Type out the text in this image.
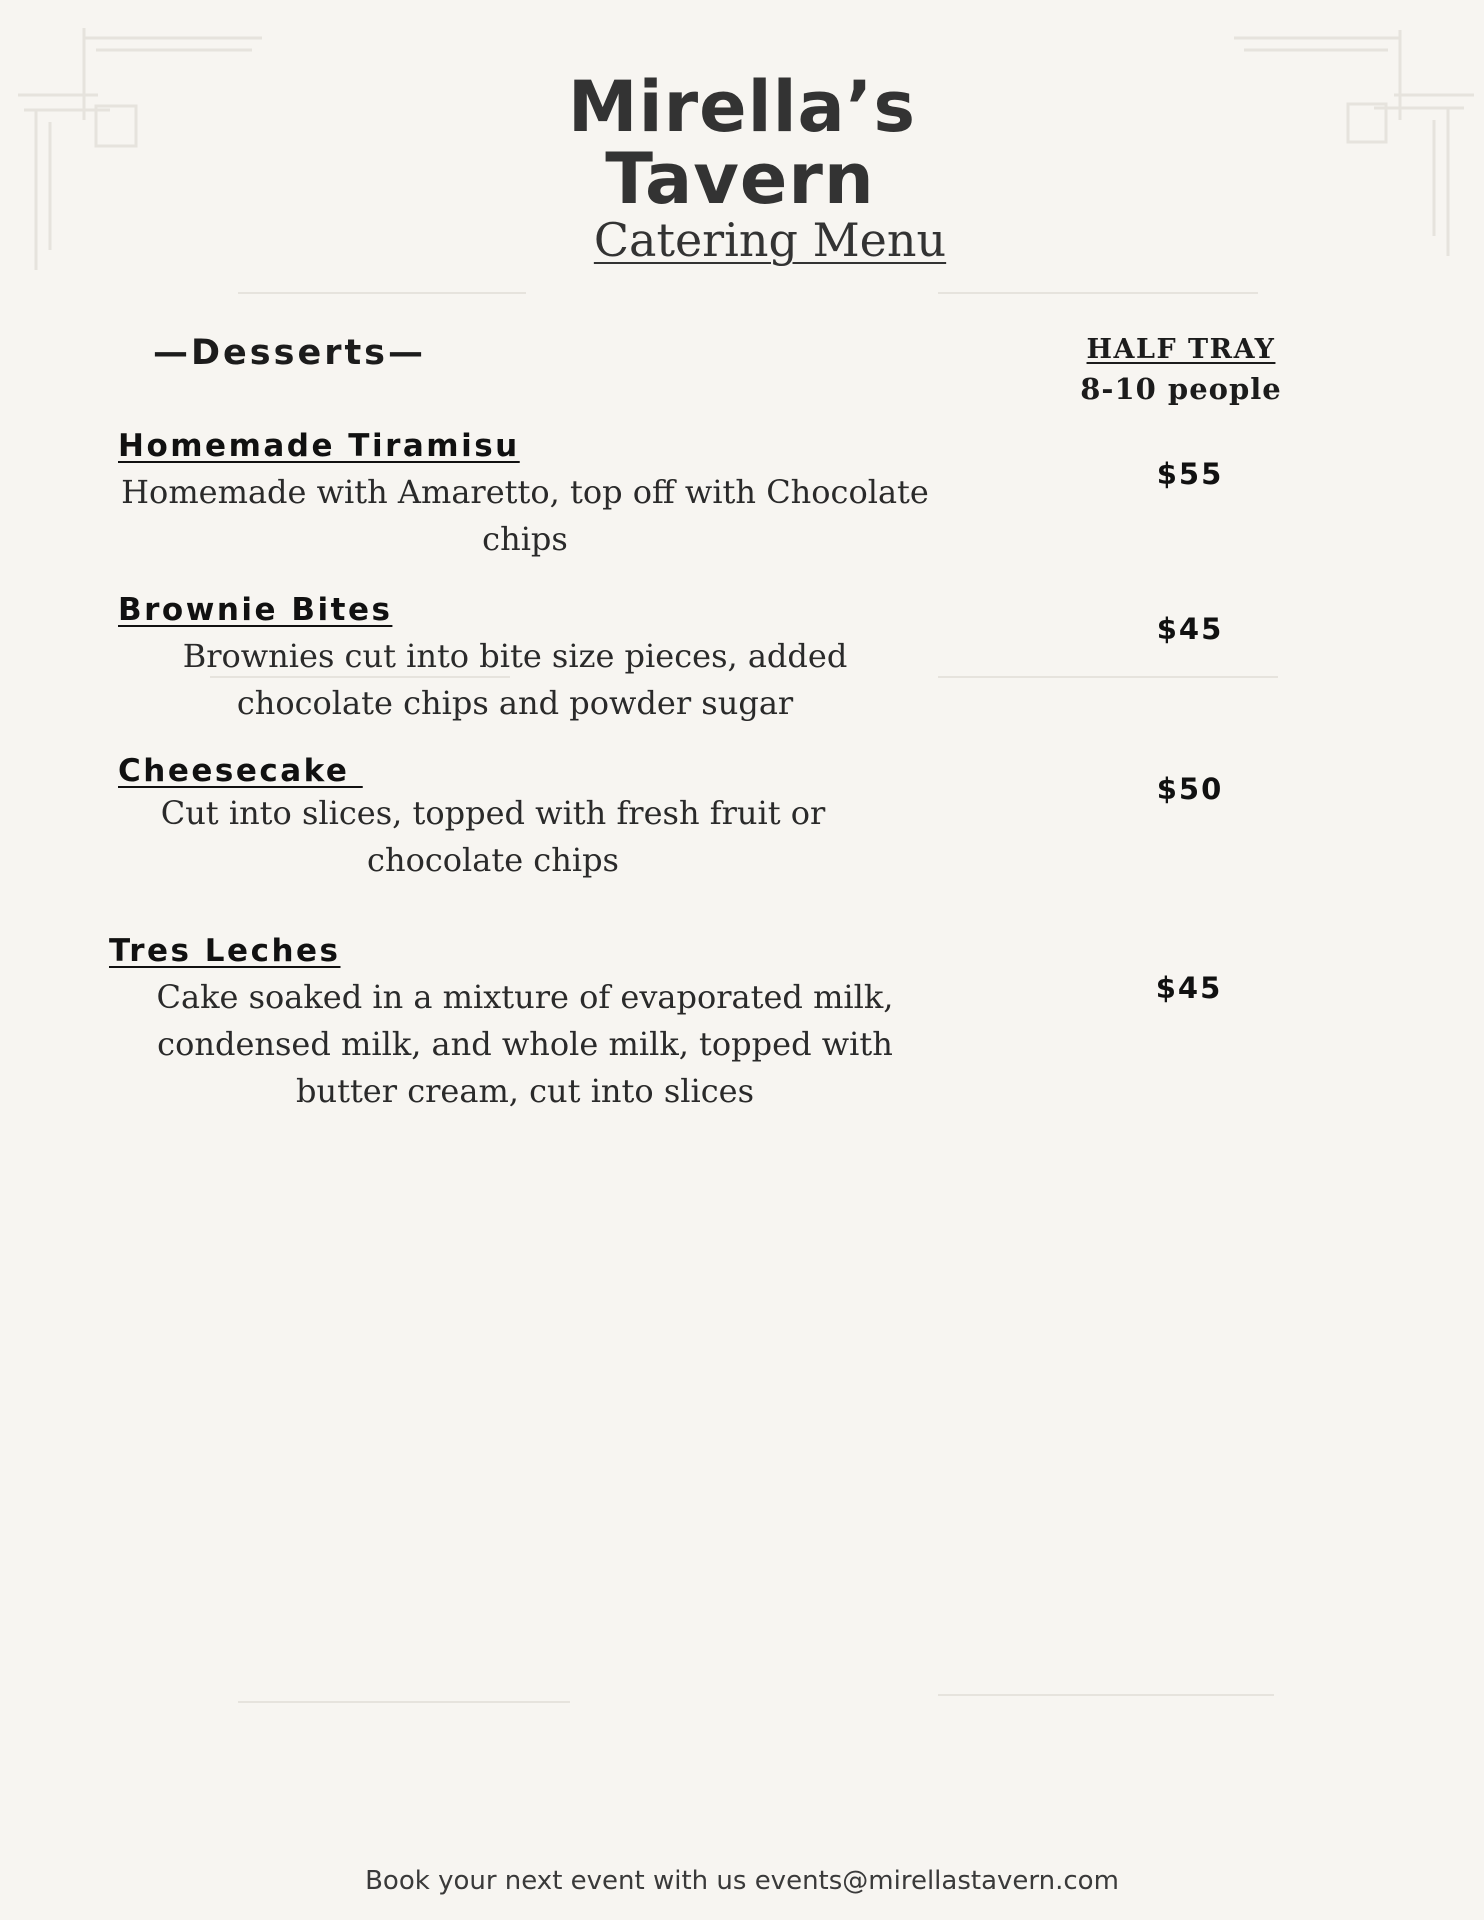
Mirella’s
Tavern
Catering Menu
—Desserts—	HALF TRAY
8-10 people
Homemade Tiramisu
Homemade with Amaretto, top off with Chocolate chips
$55
Brownie Bites
Brownies cut into bite size pieces, added chocolate chips and powder sugar
$45
Cheesecake
Cut into slices, topped with fresh fruit or chocolate chips
$50
Tres Leches
Cake soaked in a mixture of evaporated milk, condensed milk, and whole milk, topped with butter cream, cut into slices
$45
Book your next event with us events@mirellastavern.com
